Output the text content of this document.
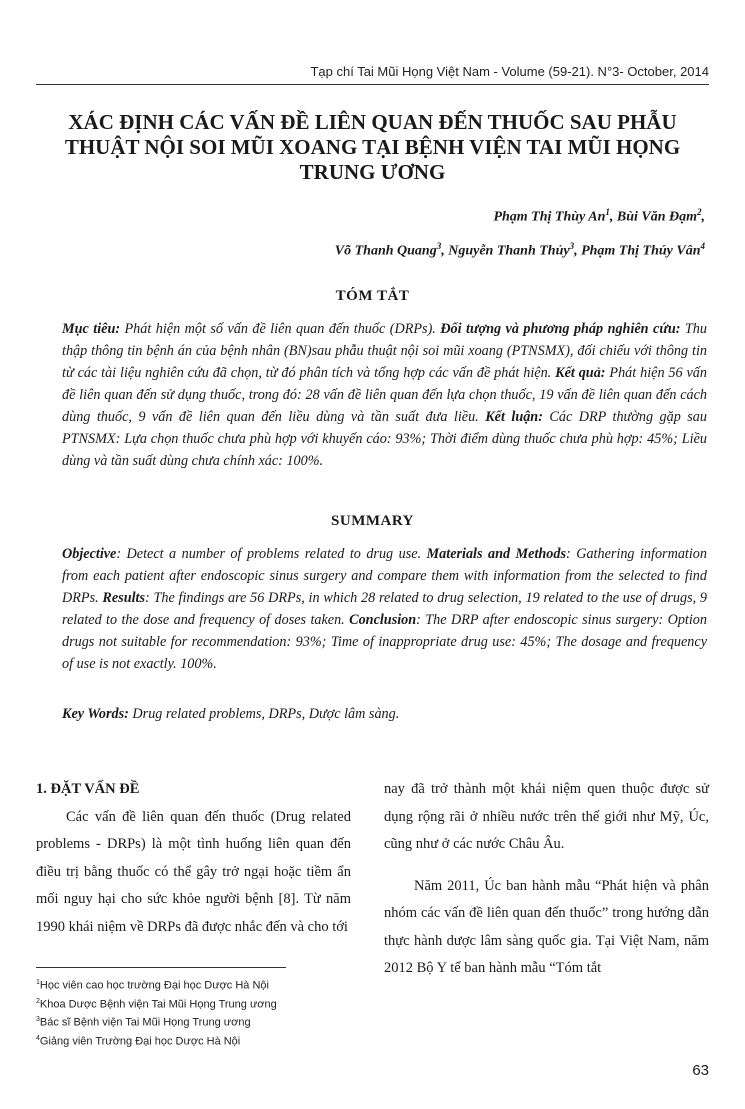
Tạp chí Tai Mũi Họng Việt Nam - Volume (59-21). N°3- October, 2014
XÁC ĐỊNH CÁC VẤN ĐỀ LIÊN QUAN ĐẾN THUỐC SAU PHẪU THUẬT NỘI SOI MŨI XOANG TẠI BỆNH VIỆN TAI MŨI HỌNG TRUNG ƯƠNG
Phạm Thị Thùy An$^1$, Bùi Văn Đạm$^2$,
Võ Thanh Quang$^3$, Nguyễn Thanh Thủy$^3$, Phạm Thị Thúy Vân$^4$
TÓM TẮT

Mục tiêu: Phát hiện một số vấn đề liên quan đến thuốc (DRPs). Đối tượng và phương pháp nghiên cứu: Thu thập thông tin bệnh án của bệnh nhân (BN)sau phẫu thuật nội soi mũi xoang (PTNSMX), đối chiếu với thông tin từ các tài liệu nghiên cứu đã chọn, từ đó phân tích và tổng hợp các vấn đề phát hiện. Kết quả: Phát hiện 56 vấn đề liên quan đến sử dụng thuốc, trong đó: 28 vấn đề liên quan đến lựa chọn thuốc, 19 vấn đề liên quan đến cách dùng thuốc, 9 vấn đề liên quan đến liều dùng và tần suất đưa liều. Kết luận: Các DRP thường gặp sau PTNSMX: Lựa chọn thuốc chưa phù hợp với khuyến cáo: 93%; Thời điểm dùng thuốc chưa phù hợp: 45%; Liều dùng và tần suất dùng chưa chính xác: 100%.

SUMMARY

Objective: Detect a number of problems related to drug use. Materials and Methods: Gathering information from each patient after endoscopic sinus surgery and compare them with information from the selected to find DRPs. Results: The findings are 56 DRPs, in which 28 related to drug selection, 19 related to the use of drugs, 9 related to the dose and frequency of doses taken. Conclusion: The DRP after endoscopic sinus surgery: Option drugs not suitable for recommendation: 93%; Time of inappropriate drug use: 45%; The dosage and frequency of use is not exactly. 100%.

Key Words: Drug related problems, DRPs, Dược lâm sàng.

1. ĐẶT VẤN ĐỀ

Các vấn đề liên quan đến thuốc (Drug related problems - DRPs) là một tình huống liên quan đến điều trị bằng thuốc có thể gây trở ngại hoặc tiềm ẩn mối nguy hại cho sức khỏe người bệnh [8]. Từ năm 1990 khái niệm về DRPs đã được nhắc đến và cho tới

nay đã trở thành một khái niệm quen thuộc được sử dụng rộng rãi ở nhiều nước trên thế giới như Mỹ, Úc, cũng như ở các nước Châu Âu.

Năm 2011, Úc ban hành mẫu “Phát hiện và phân nhóm các vấn đề liên quan đến thuốc” trong hướng dẫn thực hành dược lâm sàng quốc gia. Tại Việt Nam, năm 2012 Bộ Y tế ban hành mẫu “Tóm tắt

$^1$Học viên cao học trường Đại học Dược Hà Nội
$^2$Khoa Dược Bệnh viện Tai Mũi Họng Trung ương
$^3$Bác sĩ Bệnh viện Tai Mũi Họng Trung ương
$^4$Giảng viên Trường Đại học Dược Hà Nội
63
